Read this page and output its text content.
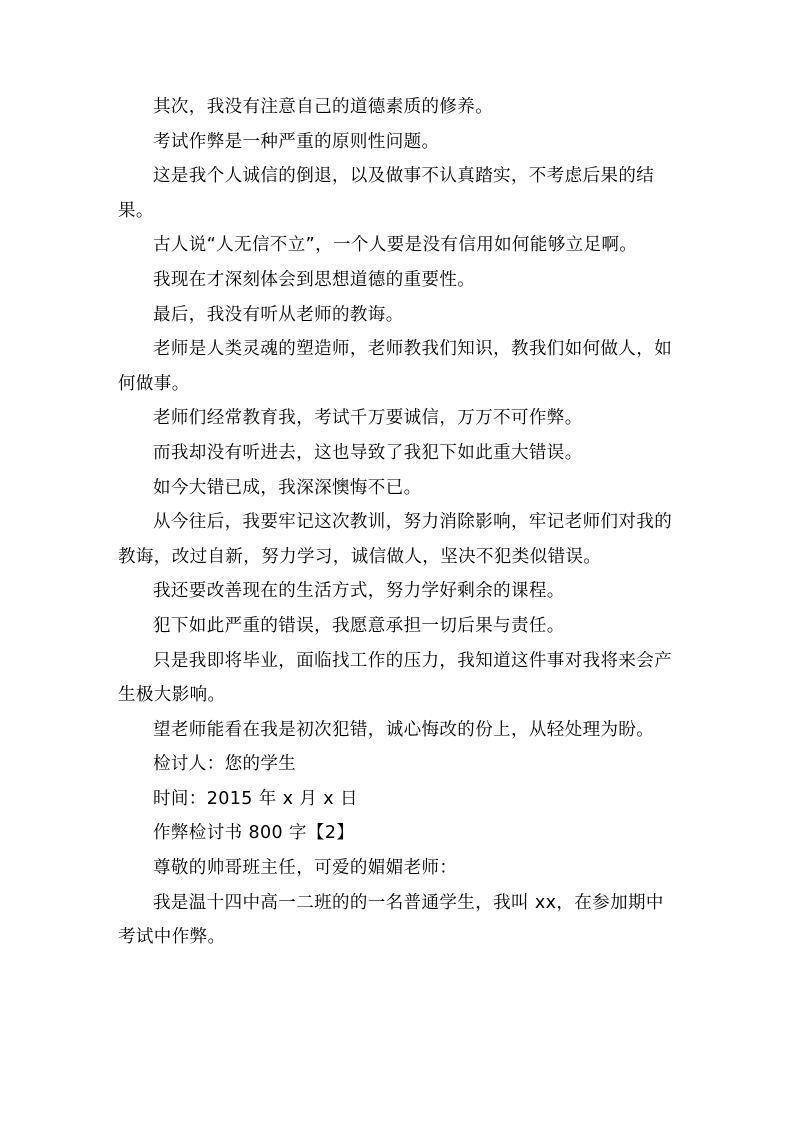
其次，我没有注意自己的道德素质的修养。

考试作弊是一种严重的原则性问题。

这是我个人诚信的倒退，以及做事不认真踏实，不考虑后果的结果。

古人说“人无信不立”，一个人要是没有信用如何能够立足啊。

我现在才深刻体会到思想道德的重要性。

最后，我没有听从老师的教诲。

老师是人类灵魂的塑造师，老师教我们知识，教我们如何做人，如何做事。

老师们经常教育我，考试千万要诚信，万万不可作弊。

而我却没有听进去，这也导致了我犯下如此重大错误。

如今大错已成，我深深懊悔不已。

从今往后，我要牢记这次教训，努力消除影响，牢记老师们对我的教诲，改过自新，努力学习，诚信做人，坚决不犯类似错误。

我还要改善现在的生活方式，努力学好剩余的课程。

犯下如此严重的错误，我愿意承担一切后果与责任。

只是我即将毕业，面临找工作的压力，我知道这件事对我将来会产生极大影响。

望老师能看在我是初次犯错，诚心悔改的份上，从轻处理为盼。

检讨人：您的学生

时间：2015 年 x 月 x 日

作弊检讨书 800 字【2】

尊敬的帅哥班主任，可爱的媚媚老师：

我是温十四中高一二班的的一名普通学生，我叫 xx，在参加期中考试中作弊。
